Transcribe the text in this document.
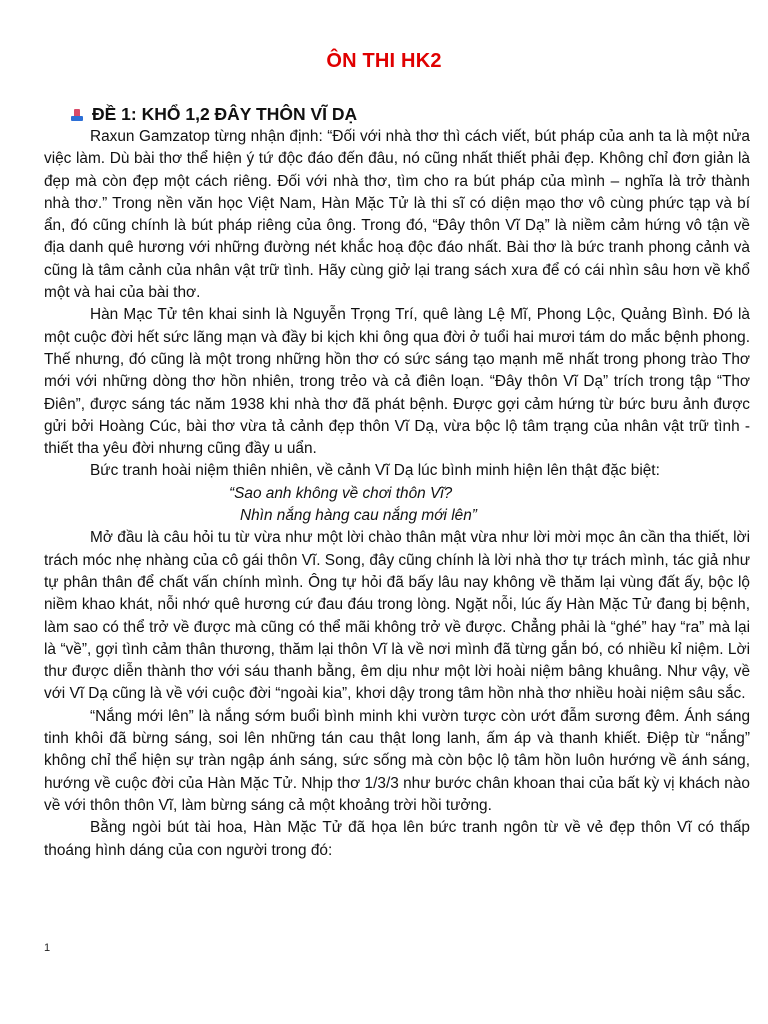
ÔN THI HK2
ĐỀ 1: KHỔ 1,2 ĐÂY THÔN VĨ DẠ

Raxun Gamzatop từng nhận định: “Đối với nhà thơ thì cách viết, bút pháp của anh ta là một nửa việc làm. Dù bài thơ thể hiện ý tứ độc đáo đến đâu, nó cũng nhất thiết phải đẹp. Không chỉ đơn giản là đẹp mà còn đẹp một cách riêng. Đối với nhà thơ, tìm cho ra bút pháp của mình – nghĩa là trở thành nhà thơ.” Trong nền văn học Việt Nam, Hàn Mặc Tử là thi sĩ có diện mạo thơ vô cùng phức tạp và bí ẩn, đó cũng chính là bút pháp riêng của ông. Trong đó, “Đây thôn Vĩ Dạ” là niềm cảm hứng vô tận về địa danh quê hương với những đường nét khắc hoạ độc đáo nhất. Bài thơ là bức tranh phong cảnh và cũng là tâm cảnh của nhân vật trữ tình. Hãy cùng giở lại trang sách xưa để có cái nhìn sâu hơn về khổ một và hai của bài thơ.

Hàn Mạc Tử tên khai sinh là Nguyễn Trọng Trí, quê làng Lệ Mĩ, Phong Lộc, Quảng Bình. Đó là một cuộc đời hết sức lãng mạn và đầy bi kịch khi ông qua đời ở tuổi hai mươi tám do mắc bệnh phong. Thế nhưng, đó cũng là một trong những hồn thơ có sức sáng tạo mạnh mẽ nhất trong phong trào Thơ mới với những dòng thơ hồn nhiên, trong trẻo và cả điên loạn. “Đây thôn Vĩ Dạ” trích trong tập “Thơ Điên”, được sáng tác năm 1938 khi nhà thơ đã phát bệnh. Được gợi cảm hứng từ bức bưu ảnh được gửi bởi Hoàng Cúc, bài thơ vừa tả cảnh đẹp thôn Vĩ Dạ, vừa bộc lộ tâm trạng của nhân vật trữ tình - thiết tha yêu đời nhưng cũng đầy u uẩn.

Bức tranh hoài niệm thiên nhiên, về cảnh Vĩ Dạ lúc bình minh hiện lên thật đặc biệt:

“Sao anh không về chơi thôn Vĩ?
Nhìn nắng hàng cau nắng mới lên”

Mở đầu là câu hỏi tu từ vừa như một lời chào thân mật vừa như lời mời mọc ân cần tha thiết, lời trách móc nhẹ nhàng của cô gái thôn Vĩ. Song, đây cũng chính là lời nhà thơ tự trách mình, tác giả như tự phân thân để chất vấn chính mình. Ông tự hỏi đã bấy lâu nay không về thăm lại vùng đất ấy, bộc lộ niềm khao khát, nỗi nhớ quê hương cứ đau đáu trong lòng. Ngặt nỗi, lúc ấy Hàn Mặc Tử đang bị bệnh, làm sao có thể trở về được mà cũng có thể mãi không trở về được. Chẳng phải là “ghé” hay “ra” mà lại là “về”, gợi tình cảm thân thương, thăm lại thôn Vĩ là về nơi mình đã từng gắn bó, có nhiều kỉ niệm. Lời thư được diễn thành thơ với sáu thanh bằng, êm dịu như một lời hoài niệm bâng khuâng. Như vậy, về với Vĩ Dạ cũng là về với cuộc đời “ngoài kia”, khơi dậy trong tâm hồn nhà thơ nhiều hoài niệm sâu sắc.

“Nắng mới lên” là nắng sớm buổi bình minh khi vườn tược còn ướt đẫm sương đêm. Ánh sáng tinh khôi đã bừng sáng, soi lên những tán cau thật long lanh, ấm áp và thanh khiết. Điệp từ “nắng” không chỉ thể hiện sự tràn ngập ánh sáng, sức sống mà còn bộc lộ tâm hồn luôn hướng về ánh sáng, hướng về cuộc đời của Hàn Mặc Tử. Nhịp thơ 1/3/3 như bước chân khoan thai của bất kỳ vị khách nào về với thôn thôn Vĩ, làm bừng sáng cả một khoảng trời hồi tưởng.

Bằng ngòi bút tài hoa, Hàn Mặc Tử đã họa lên bức tranh ngôn từ về vẻ đẹp thôn Vĩ có thấp thoáng hình dáng của con người trong đó:

1
